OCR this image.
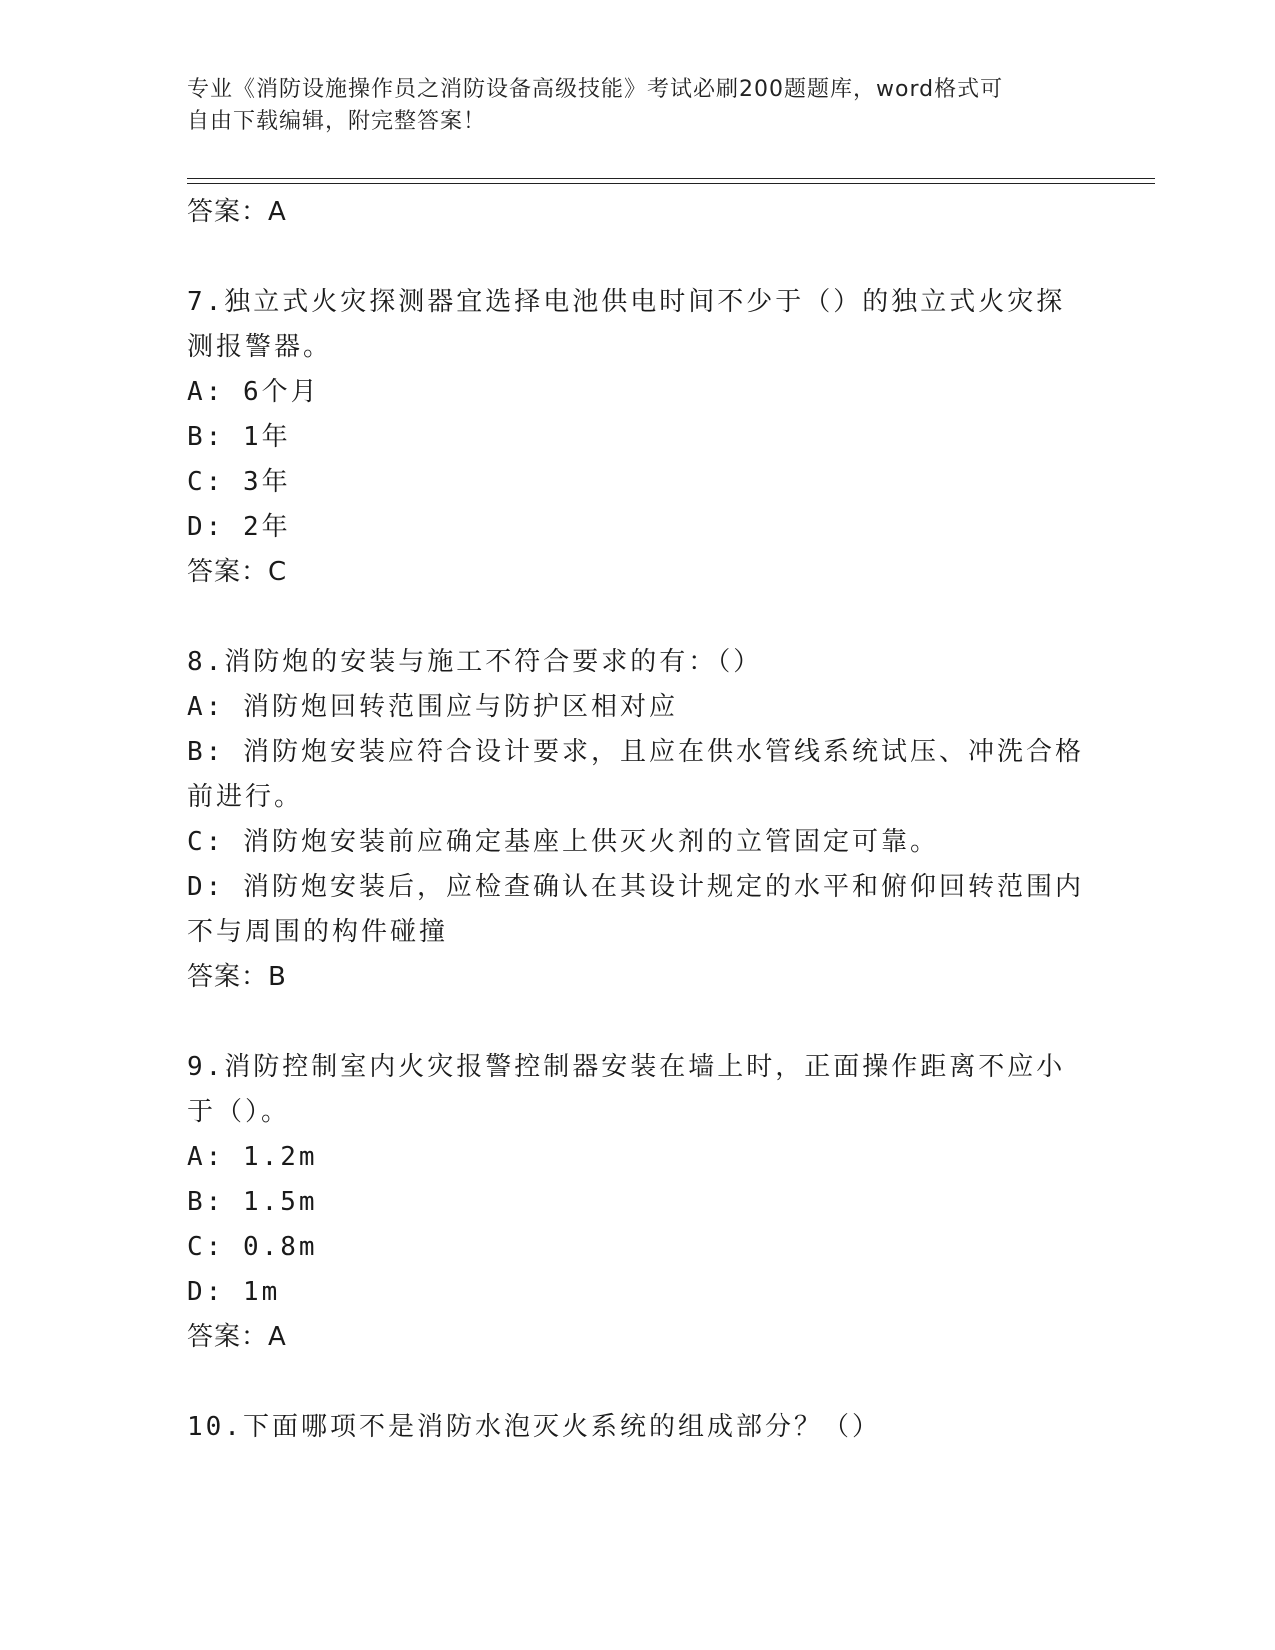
专业《消防设施操作员之消防设备高级技能》考试必刷200题题库，word格式可
自由下载编辑，附完整答案！
答案：A
7.独立式火灾探测器宜选择电池供电时间不少于（）的独立式火灾探
测报警器。
A: 6个月
B: 1年
C: 3年
D: 2年
答案：C
8.消防炮的安装与施工不符合要求的有：（）
A: 消防炮回转范围应与防护区相对应
B: 消防炮安装应符合设计要求，且应在供水管线系统试压、冲洗合格
前进行。
C: 消防炮安装前应确定基座上供灭火剂的立管固定可靠。
D: 消防炮安装后，应检查确认在其设计规定的水平和俯仰回转范围内
不与周围的构件碰撞
答案：B
9.消防控制室内火灾报警控制器安装在墙上时，正面操作距离不应小
于（）。
A: 1.2m
B: 1.5m
C: 0.8m
D: 1m
答案：A
10.下面哪项不是消防水泡灭火系统的组成部分？（）
